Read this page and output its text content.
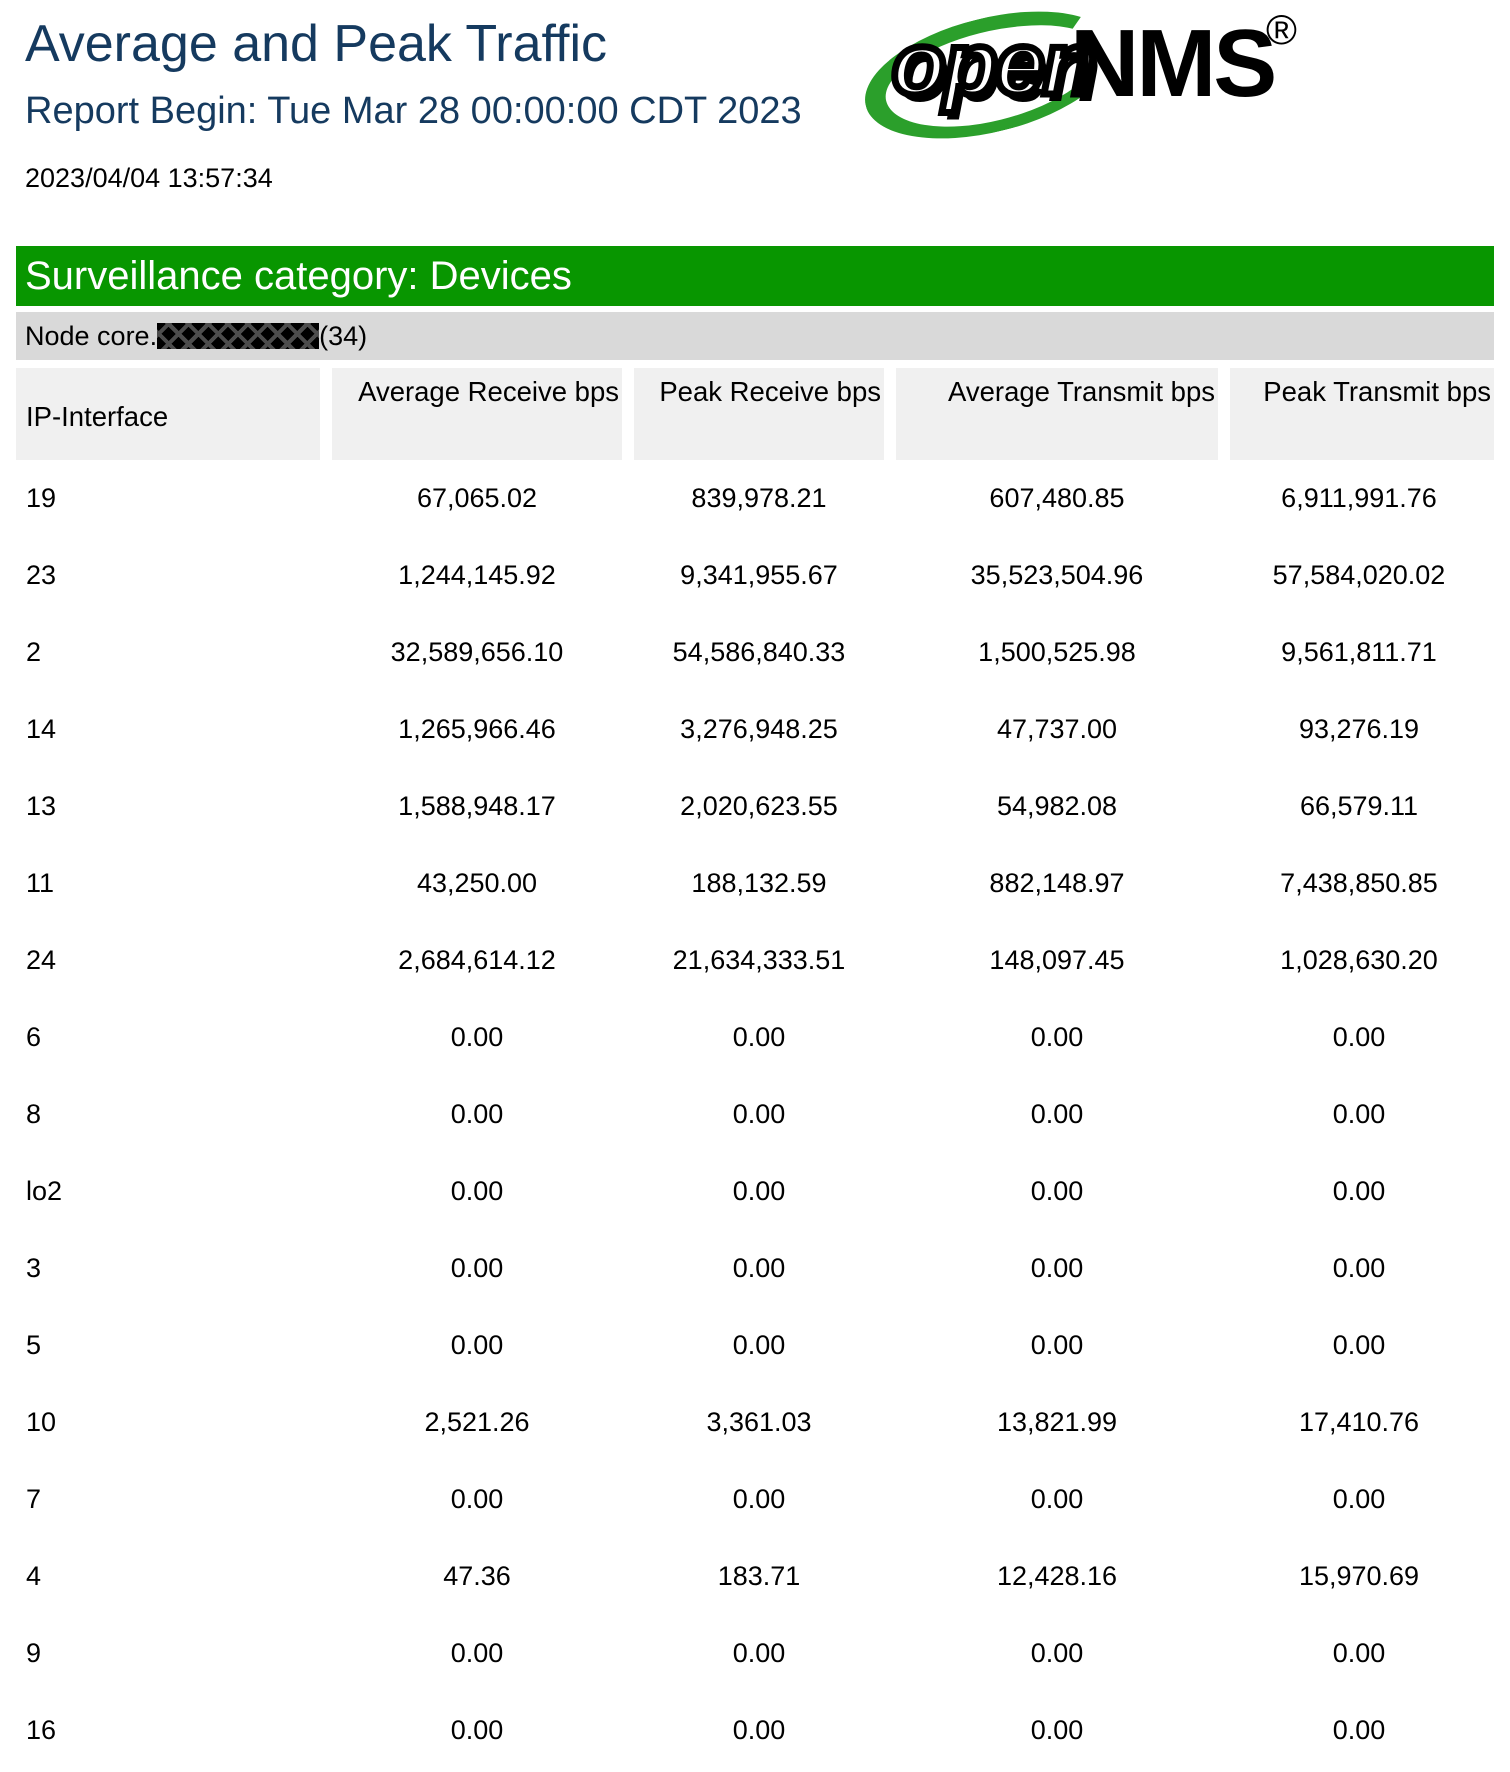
Average and Peak Traffic
Report Begin: Tue Mar 28 00:00:00 CDT 2023
2023/04/04 13:57:34
open
NMS
®
Surveillance category: Devices
Node core.	(34)
IP-Interface	Average Receive bps	Peak Receive bps	Average Transmit bps	Peak Transmit bps
19	67,065.02	839,978.21	607,480.85	6,911,991.76
23	1,244,145.92	9,341,955.67	35,523,504.96	57,584,020.02
2	32,589,656.10	54,586,840.33	1,500,525.98	9,561,811.71
14	1,265,966.46	3,276,948.25	47,737.00	93,276.19
13	1,588,948.17	2,020,623.55	54,982.08	66,579.11
11	43,250.00	188,132.59	882,148.97	7,438,850.85
24	2,684,614.12	21,634,333.51	148,097.45	1,028,630.20
6	0.00	0.00	0.00	0.00
8	0.00	0.00	0.00	0.00
lo2	0.00	0.00	0.00	0.00
3	0.00	0.00	0.00	0.00
5	0.00	0.00	0.00	0.00
10	2,521.26	3,361.03	13,821.99	17,410.76
7	0.00	0.00	0.00	0.00
4	47.36	183.71	12,428.16	15,970.69
9	0.00	0.00	0.00	0.00
16	0.00	0.00	0.00	0.00
